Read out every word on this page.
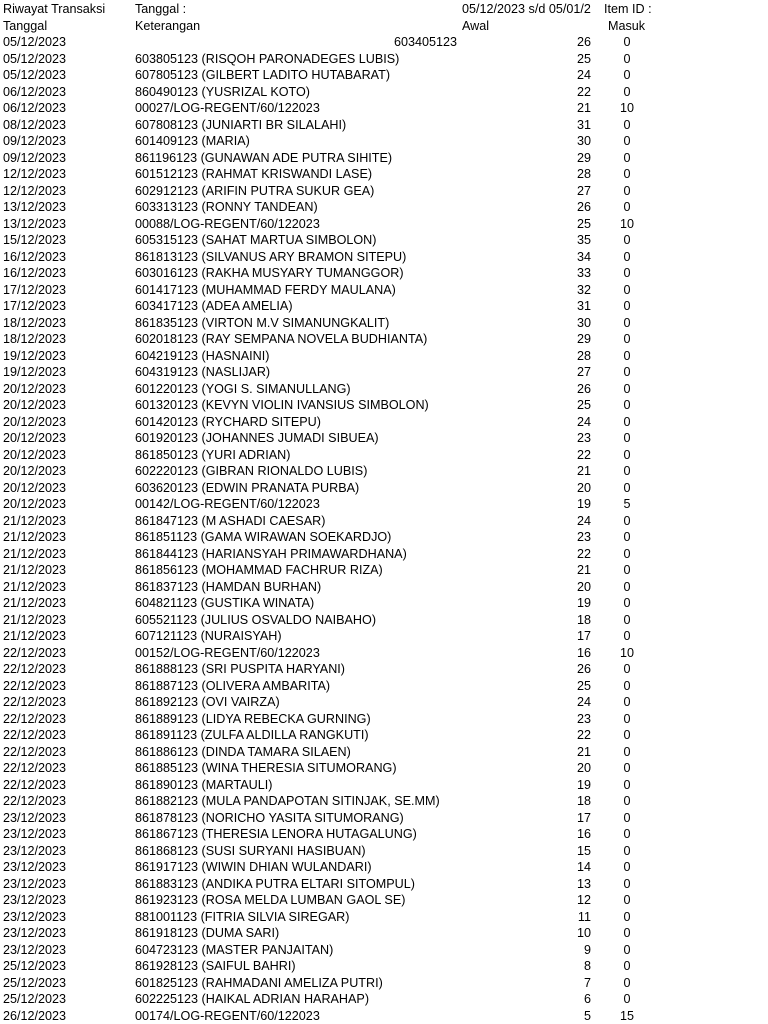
Riwayat Transaksi	Tanggal :	05/12/2023 s/d 05/01/2	Item ID :
Tanggal	Keterangan	Awal	Masuk
05/12/2023	603405123	26	0
05/12/2023	603805123 (RISQOH PARONADEGES LUBIS)	25	0
05/12/2023	607805123 (GILBERT LADITO HUTABARAT)	24	0
06/12/2023	860490123 (YUSRIZAL KOTO)	22	0
06/12/2023	00027/LOG-REGENT/60/122023	21	10
08/12/2023	607808123 (JUNIARTI BR SILALAHI)	31	0
09/12/2023	601409123 (MARIA)	30	0
09/12/2023	861196123 (GUNAWAN ADE PUTRA SIHITE)	29	0
12/12/2023	601512123 (RAHMAT KRISWANDI LASE)	28	0
12/12/2023	602912123 (ARIFIN PUTRA SUKUR GEA)	27	0
13/12/2023	603313123 (RONNY TANDEAN)	26	0
13/12/2023	00088/LOG-REGENT/60/122023	25	10
15/12/2023	605315123 (SAHAT MARTUA SIMBOLON)	35	0
16/12/2023	861813123 (SILVANUS ARY BRAMON SITEPU)	34	0
16/12/2023	603016123 (RAKHA MUSYARY TUMANGGOR)	33	0
17/12/2023	601417123 (MUHAMMAD FERDY MAULANA)	32	0
17/12/2023	603417123 (ADEA AMELIA)	31	0
18/12/2023	861835123 (VIRTON M.V SIMANUNGKALIT)	30	0
18/12/2023	602018123 (RAY SEMPANA NOVELA BUDHIANTA)	29	0
19/12/2023	604219123 (HASNAINI)	28	0
19/12/2023	604319123 (NASLIJAR)	27	0
20/12/2023	601220123 (YOGI S. SIMANULLANG)	26	0
20/12/2023	601320123 (KEVYN VIOLIN IVANSIUS SIMBOLON)	25	0
20/12/2023	601420123 (RYCHARD SITEPU)	24	0
20/12/2023	601920123 (JOHANNES JUMADI SIBUEA)	23	0
20/12/2023	861850123 (YURI ADRIAN)	22	0
20/12/2023	602220123 (GIBRAN RIONALDO LUBIS)	21	0
20/12/2023	603620123 (EDWIN PRANATA PURBA)	20	0
20/12/2023	00142/LOG-REGENT/60/122023	19	5
21/12/2023	861847123 (M ASHADI CAESAR)	24	0
21/12/2023	861851123 (GAMA WIRAWAN SOEKARDJO)	23	0
21/12/2023	861844123 (HARIANSYAH PRIMAWARDHANA)	22	0
21/12/2023	861856123 (MOHAMMAD FACHRUR RIZA)	21	0
21/12/2023	861837123 (HAMDAN BURHAN)	20	0
21/12/2023	604821123 (GUSTIKA WINATA)	19	0
21/12/2023	605521123 (JULIUS OSVALDO NAIBAHO)	18	0
21/12/2023	607121123 (NURAISYAH)	17	0
22/12/2023	00152/LOG-REGENT/60/122023	16	10
22/12/2023	861888123 (SRI PUSPITA HARYANI)	26	0
22/12/2023	861887123 (OLIVERA AMBARITA)	25	0
22/12/2023	861892123 (OVI VAIRZA)	24	0
22/12/2023	861889123 (LIDYA REBECKA GURNING)	23	0
22/12/2023	861891123 (ZULFA ALDILLA RANGKUTI)	22	0
22/12/2023	861886123 (DINDA TAMARA SILAEN)	21	0
22/12/2023	861885123 (WINA THERESIA SITUMORANG)	20	0
22/12/2023	861890123 (MARTAULI)	19	0
22/12/2023	861882123 (MULA PANDAPOTAN SITINJAK, SE.MM)	18	0
23/12/2023	861878123 (NORICHO YASITA SITUMORANG)	17	0
23/12/2023	861867123 (THERESIA LENORA HUTAGALUNG)	16	0
23/12/2023	861868123 (SUSI SURYANI HASIBUAN)	15	0
23/12/2023	861917123 (WIWIN DHIAN WULANDARI)	14	0
23/12/2023	861883123 (ANDIKA PUTRA ELTARI SITOMPUL)	13	0
23/12/2023	861923123 (ROSA MELDA LUMBAN GAOL SE)	12	0
23/12/2023	881001123 (FITRIA SILVIA SIREGAR)	11	0
23/12/2023	861918123 (DUMA SARI)	10	0
23/12/2023	604723123 (MASTER PANJAITAN)	9	0
25/12/2023	861928123 (SAIFUL BAHRI)	8	0
25/12/2023	601825123 (RAHMADANI AMELIZA PUTRI)	7	0
25/12/2023	602225123 (HAIKAL ADRIAN HARAHAP)	6	0
26/12/2023	00174/LOG-REGENT/60/122023	5	15
